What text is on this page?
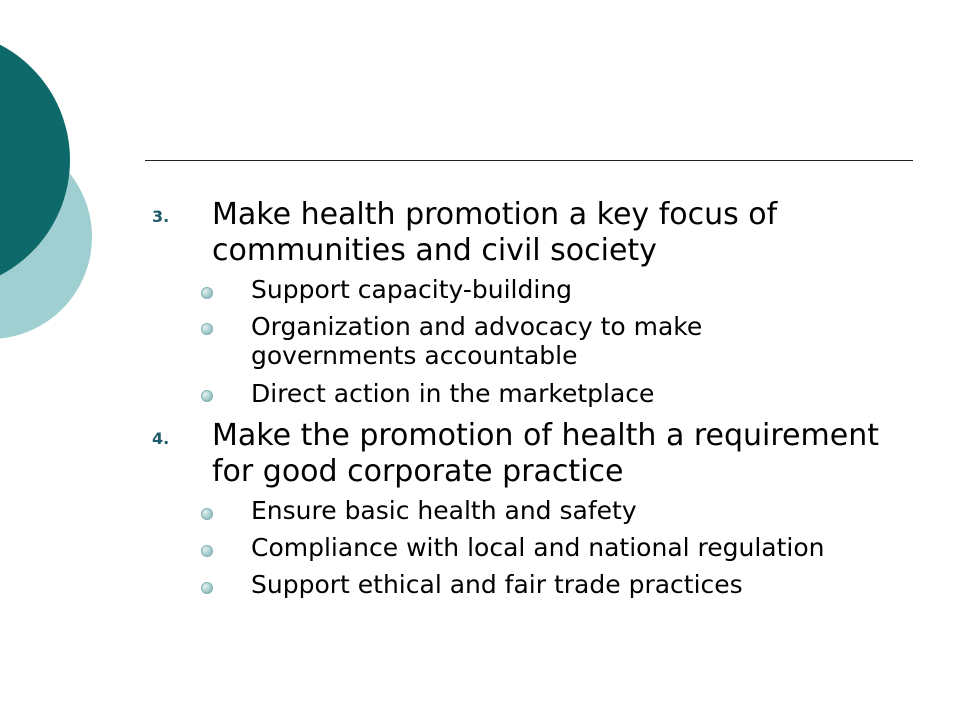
3. Make health promotion a key focus of communities and civil society
Support capacity-building
Organization and advocacy to make governments accountable
Direct action in the marketplace
4. Make the promotion of health a requirement for good corporate practice
Ensure basic health and safety
Compliance with local and national regulation
Support ethical and fair trade practices
